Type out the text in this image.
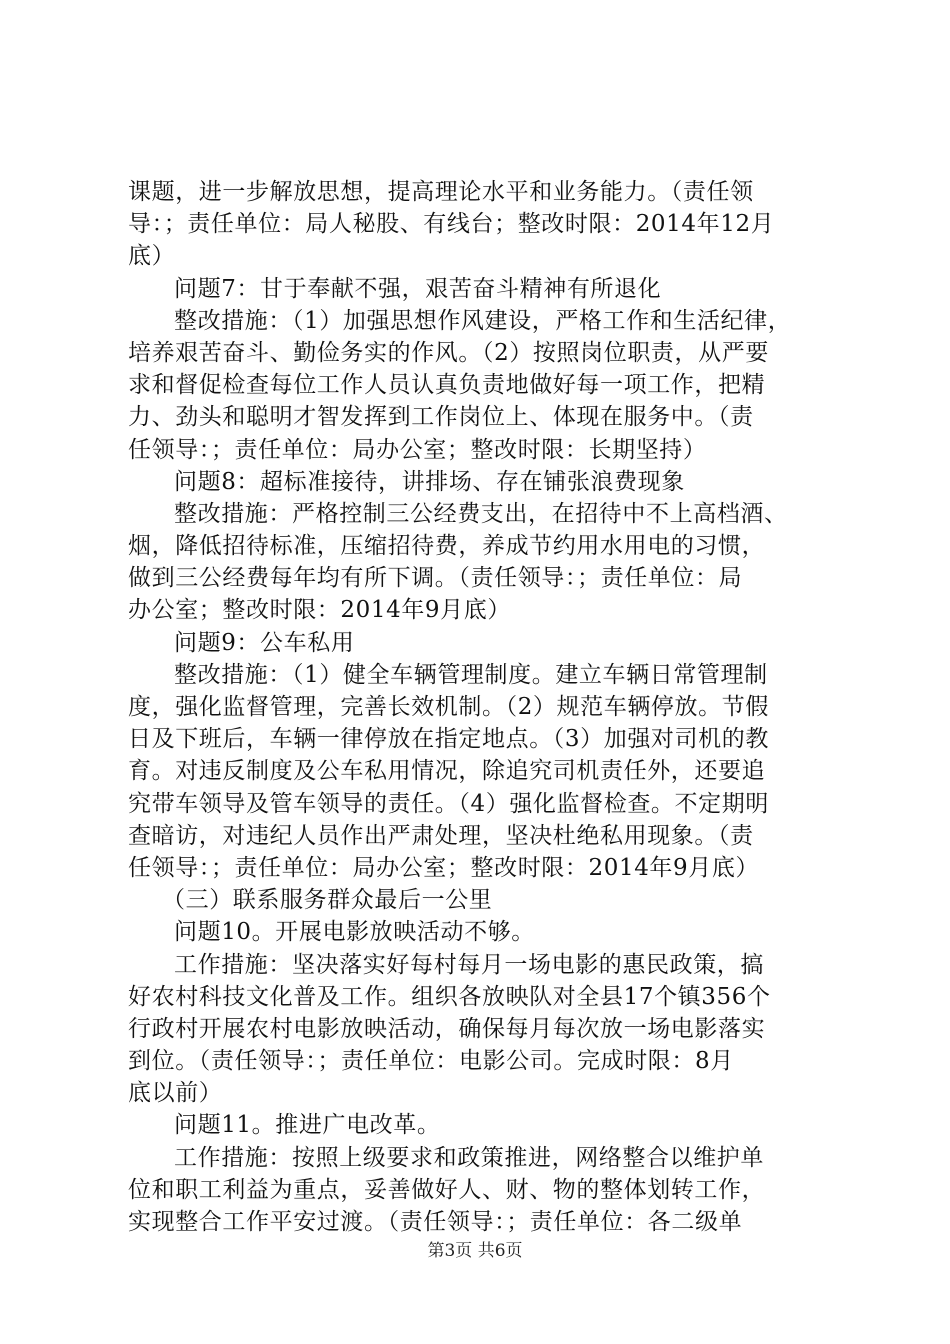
课题，进一步解放思想，提高理论水平和业务能力。（责任领
导：；责任单位：局人秘股、有线台；整改时限：2014年12月
底）
问题7：甘于奉献不强，艰苦奋斗精神有所退化
整改措施：（1）加强思想作风建设，严格工作和生活纪律，
培养艰苦奋斗、勤俭务实的作风。（2）按照岗位职责，从严要
求和督促检查每位工作人员认真负责地做好每一项工作，把精
力、劲头和聪明才智发挥到工作岗位上、体现在服务中。（责
任领导：；责任单位：局办公室；整改时限：长期坚持）
问题8：超标准接待，讲排场、存在铺张浪费现象
整改措施：严格控制三公经费支出，在招待中不上高档酒、
烟，降低招待标准，压缩招待费，养成节约用水用电的习惯，
做到三公经费每年均有所下调。（责任领导：；责任单位：局
办公室；整改时限：2014年9月底）
问题9：公车私用
整改措施：（1）健全车辆管理制度。建立车辆日常管理制
度，强化监督管理，完善长效机制。（2）规范车辆停放。节假
日及下班后，车辆一律停放在指定地点。（3）加强对司机的教
育。对违反制度及公车私用情况，除追究司机责任外，还要追
究带车领导及管车领导的责任。（4）强化监督检查。不定期明
查暗访，对违纪人员作出严肃处理，坚决杜绝私用现象。（责
任领导：；责任单位：局办公室；整改时限：2014年9月底）
（三）联系服务群众最后一公里
问题10。开展电影放映活动不够。
工作措施：坚决落实好每村每月一场电影的惠民政策，搞
好农村科技文化普及工作。组织各放映队对全县17个镇356个
行政村开展农村电影放映活动，确保每月每次放一场电影落实
到位。（责任领导：；责任单位：电影公司。完成时限：8月
底以前）
问题11。推进广电改革。
工作措施：按照上级要求和政策推进，网络整合以维护单
位和职工利益为重点，妥善做好人、财、物的整体划转工作，
实现整合工作平安过渡。（责任领导：；责任单位：各二级单
第3页 共6页
